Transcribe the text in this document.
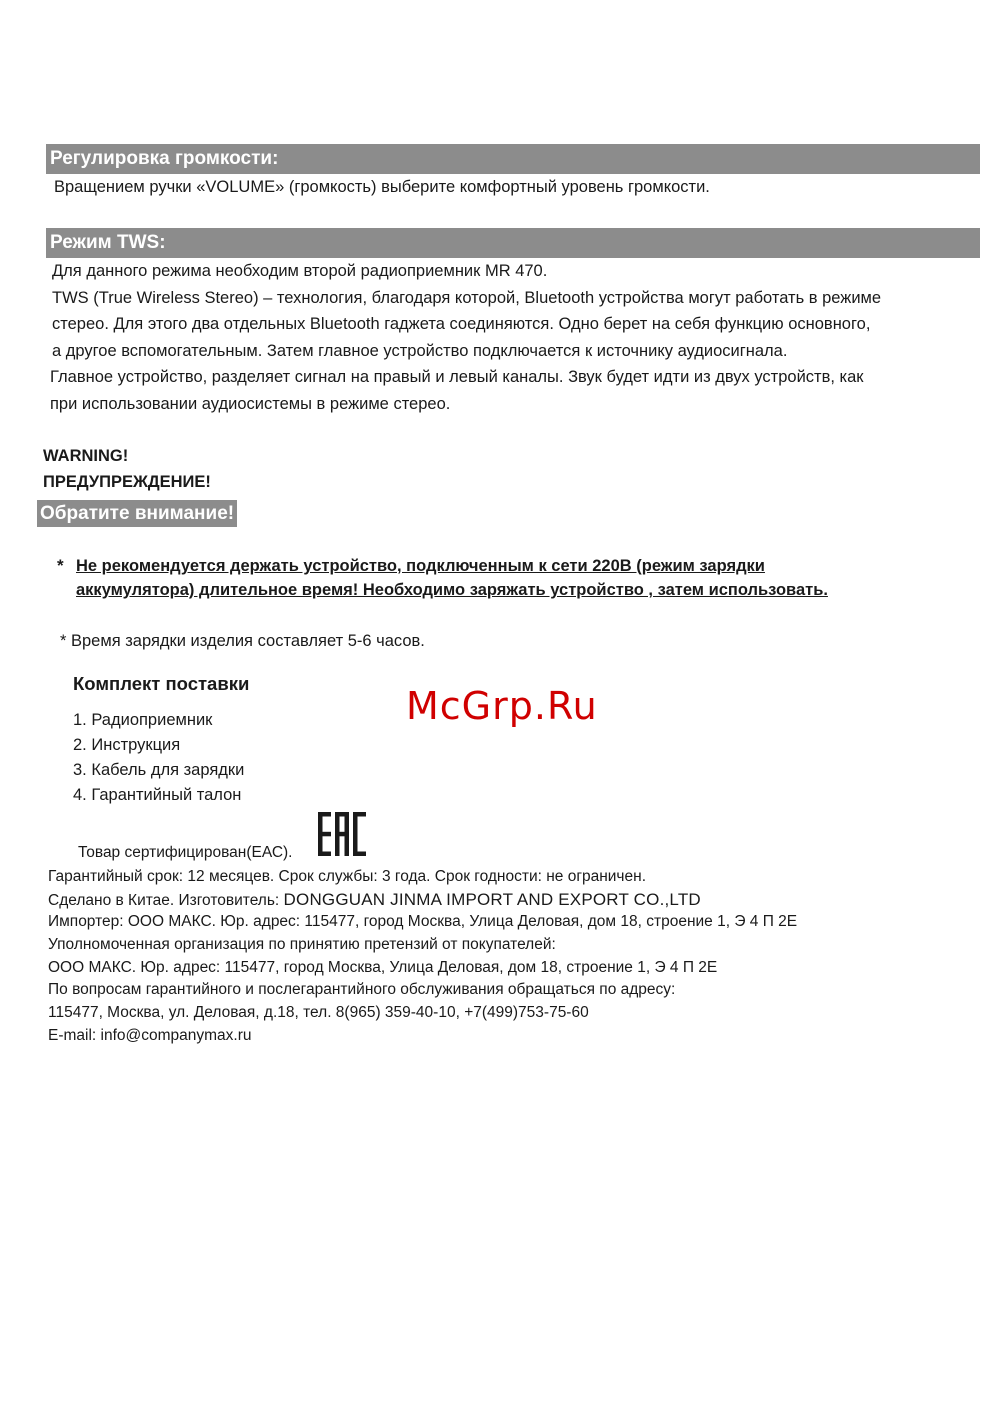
Регулировка громкости:
Вращением ручки «VOLUME» (громкость) выберите комфортный уровень громкости.
Режим TWS:
Для данного режима необходим второй радиоприемник MR 470.
TWS (True Wireless Stereo) – технология, благодаря которой, Bluetooth устройства могут работать в режиме
стерео. Для этого два отдельных Bluetooth гаджета соединяются. Одно берет на себя функцию основного,
а другое вспомогательным. Затем главное устройство подключается к источнику аудиосигнала.
Главное устройство, разделяет сигнал на правый и левый каналы. Звук будет идти из двух устройств, как
при использовании аудиосистемы в режиме стерео.
WARNING!
ПРЕДУПРЕЖДЕНИЕ!
Обратите внимание!
* Не рекомендуется держать устройство, подключенным к сети 220В (режим зарядки
аккумулятора) длительное время! Необходимо заряжать устройство , затем использовать.
* Время зарядки изделия составляет 5-6 часов.
Комплект поставки
1. Радиоприемник
2. Инструкция
3. Кабель для зарядки
4. Гарантийный талон
McGrp.Ru
Товар сертифицирован(ЕАС).
Гарантийный срок: 12 месяцев. Срок службы: 3 года. Срок годности: не ограничен.
Сделано в Китае. Изготовитель: DONGGUAN JINMA IMPORT AND EXPORT CO.,LTD
Импортер: ООО МАКС. Юр. адрес: 115477, город Москва, Улица Деловая, дом 18, строение 1, Э 4 П 2Е
Уполномоченная организация по принятию претензий от покупателей:
ООО МАКС. Юр. адрес: 115477, город Москва, Улица Деловая, дом 18, строение 1, Э 4 П 2Е
По вопросам гарантийного и послегарантийного обслуживания обращаться по адресу:
115477, Москва, ул. Деловая, д.18, тел. 8(965) 359-40-10, +7(499)753-75-60
E-mail: info@companymax.ru
